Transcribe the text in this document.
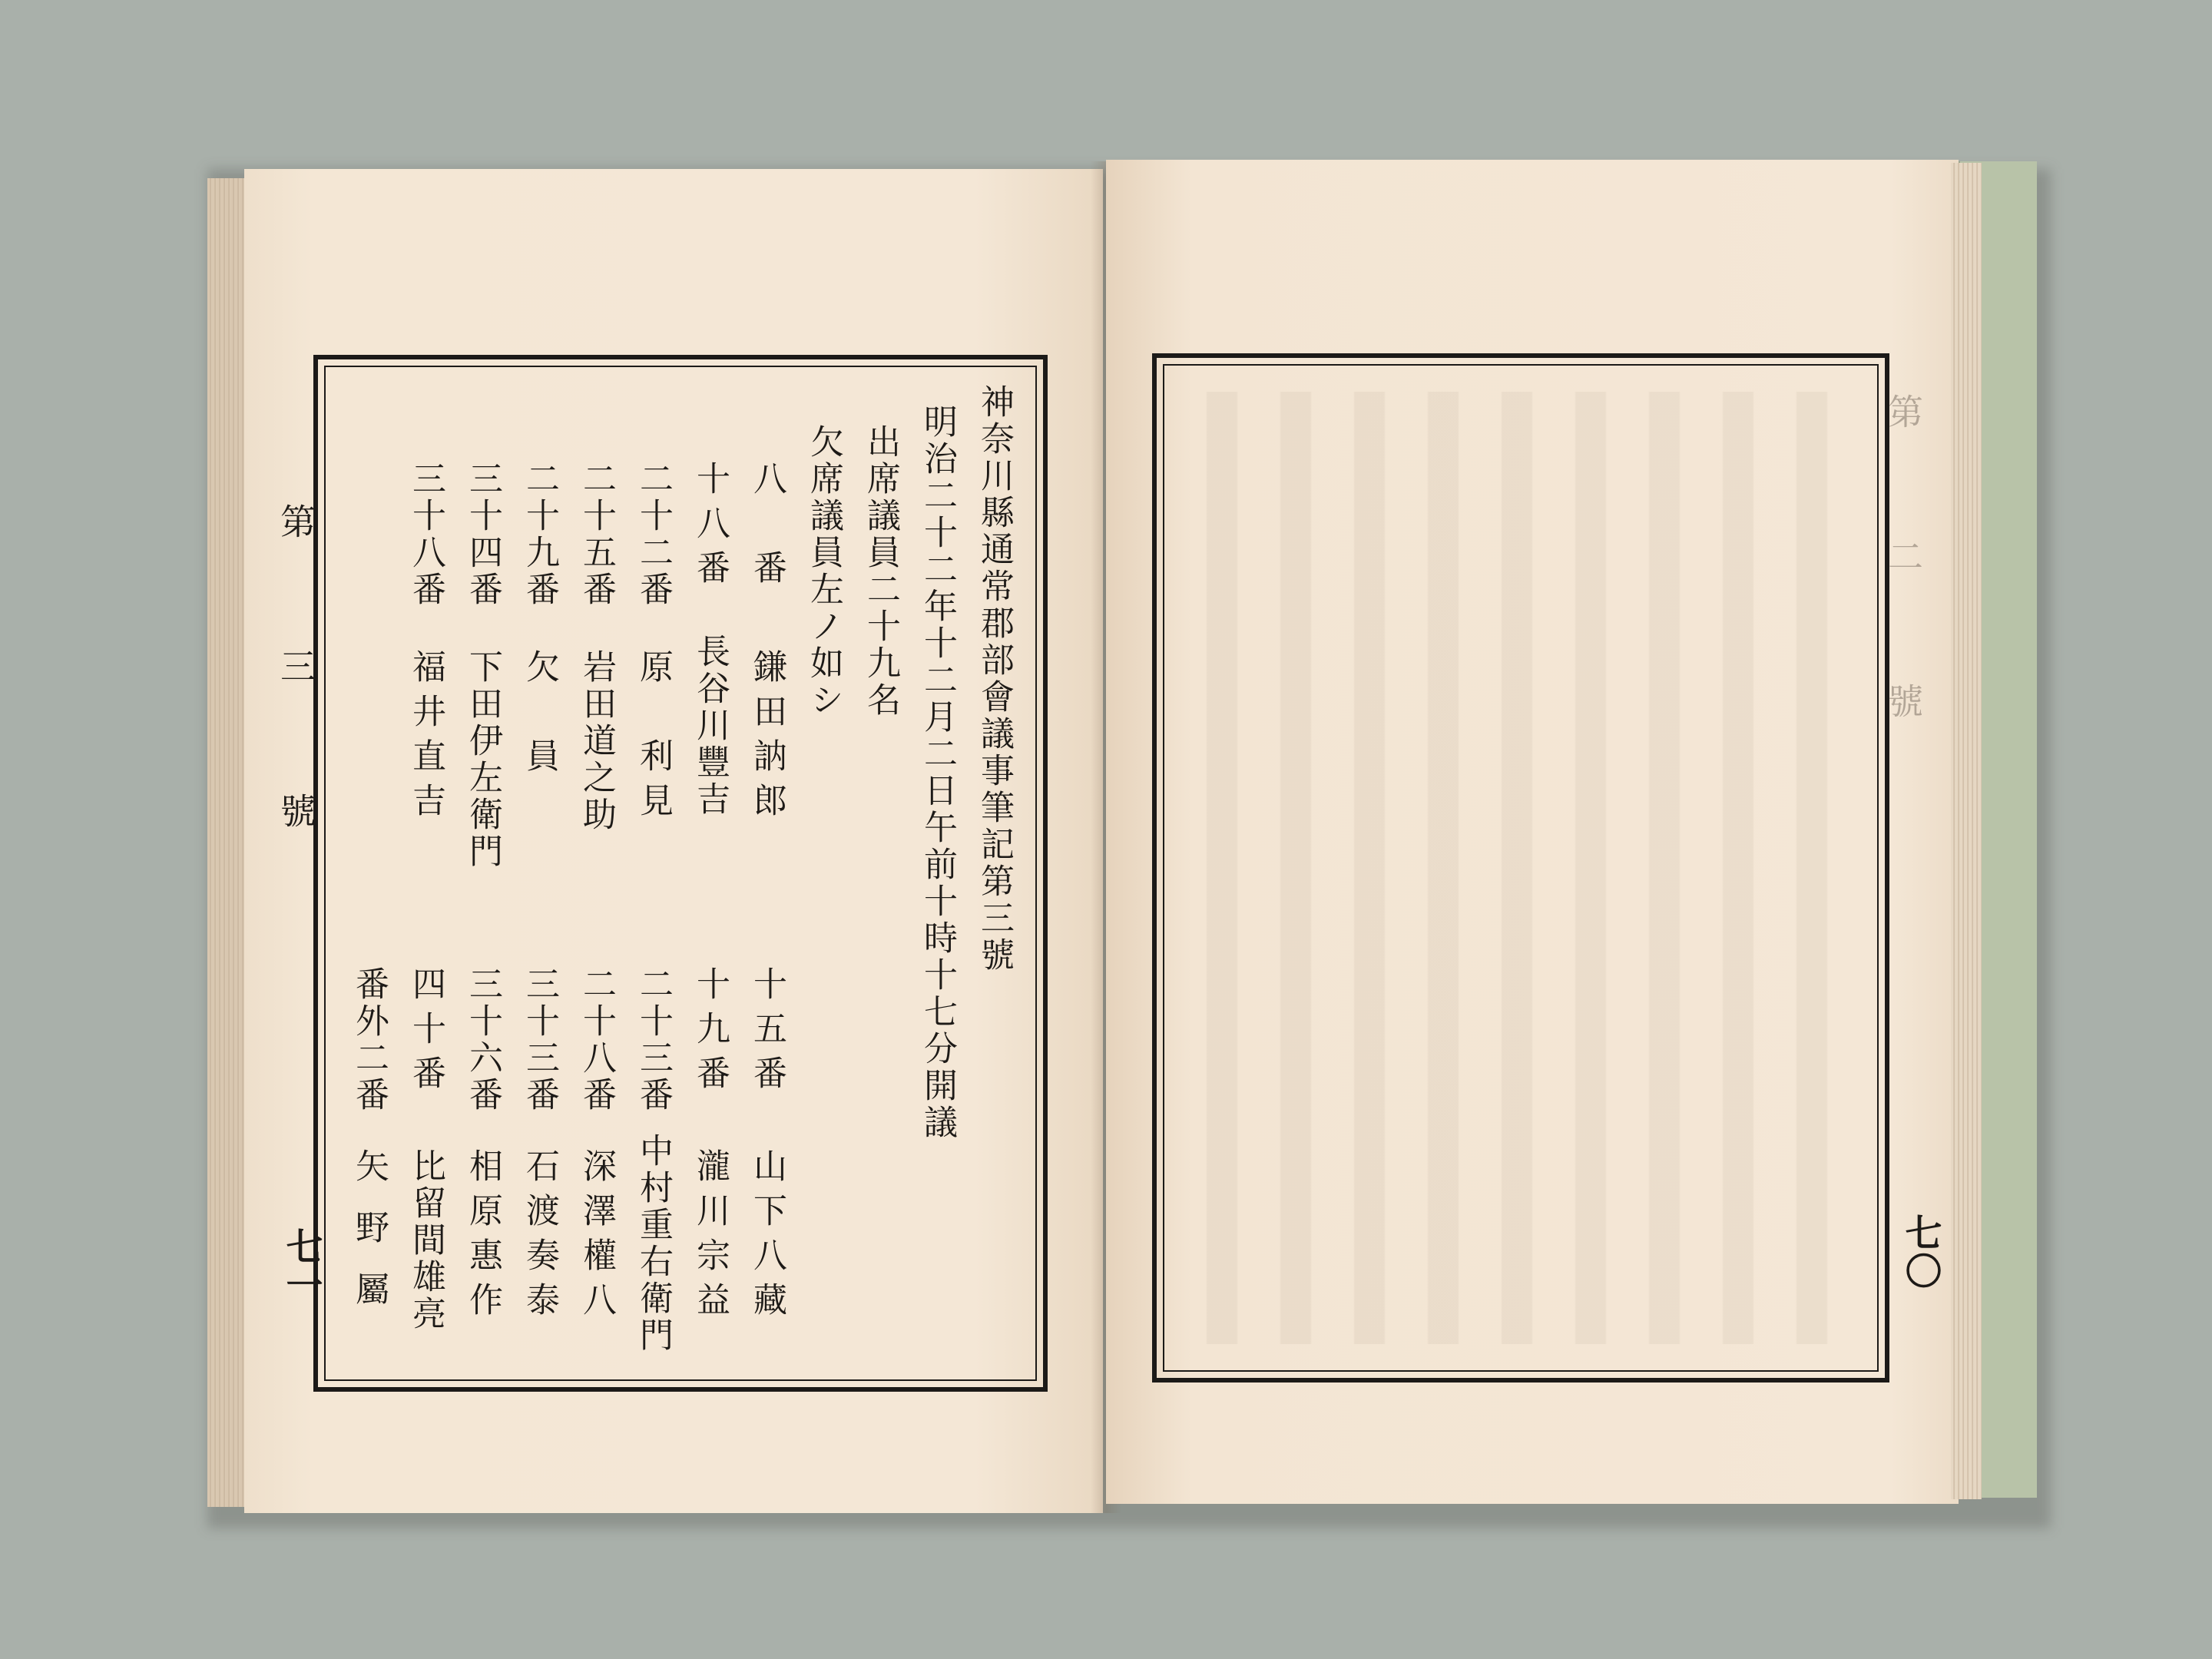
第 三 號
七一
第 二 號
七〇
神奈川縣通常郡部會議事筆記第三號
明治二十二年十二月二日午前十時十七分開議
出席議員二十九名
欠席議員左ノ如シ
八　番
鎌田訥郎
十五番
山下八藏
十八番
長谷川豐吉
十九番
瀧川宗益
二十二番
原　利見
二十三番
中村重右衛門
二十五番
岩田道之助
二十八番
深澤權八
二十九番
欠　員
三十三番
石渡奏泰
三十四番
下田伊左衛門
三十六番
相原惠作
三十八番
福井直吉
四十番
比留間雄亮
番外二番
矢野屬
